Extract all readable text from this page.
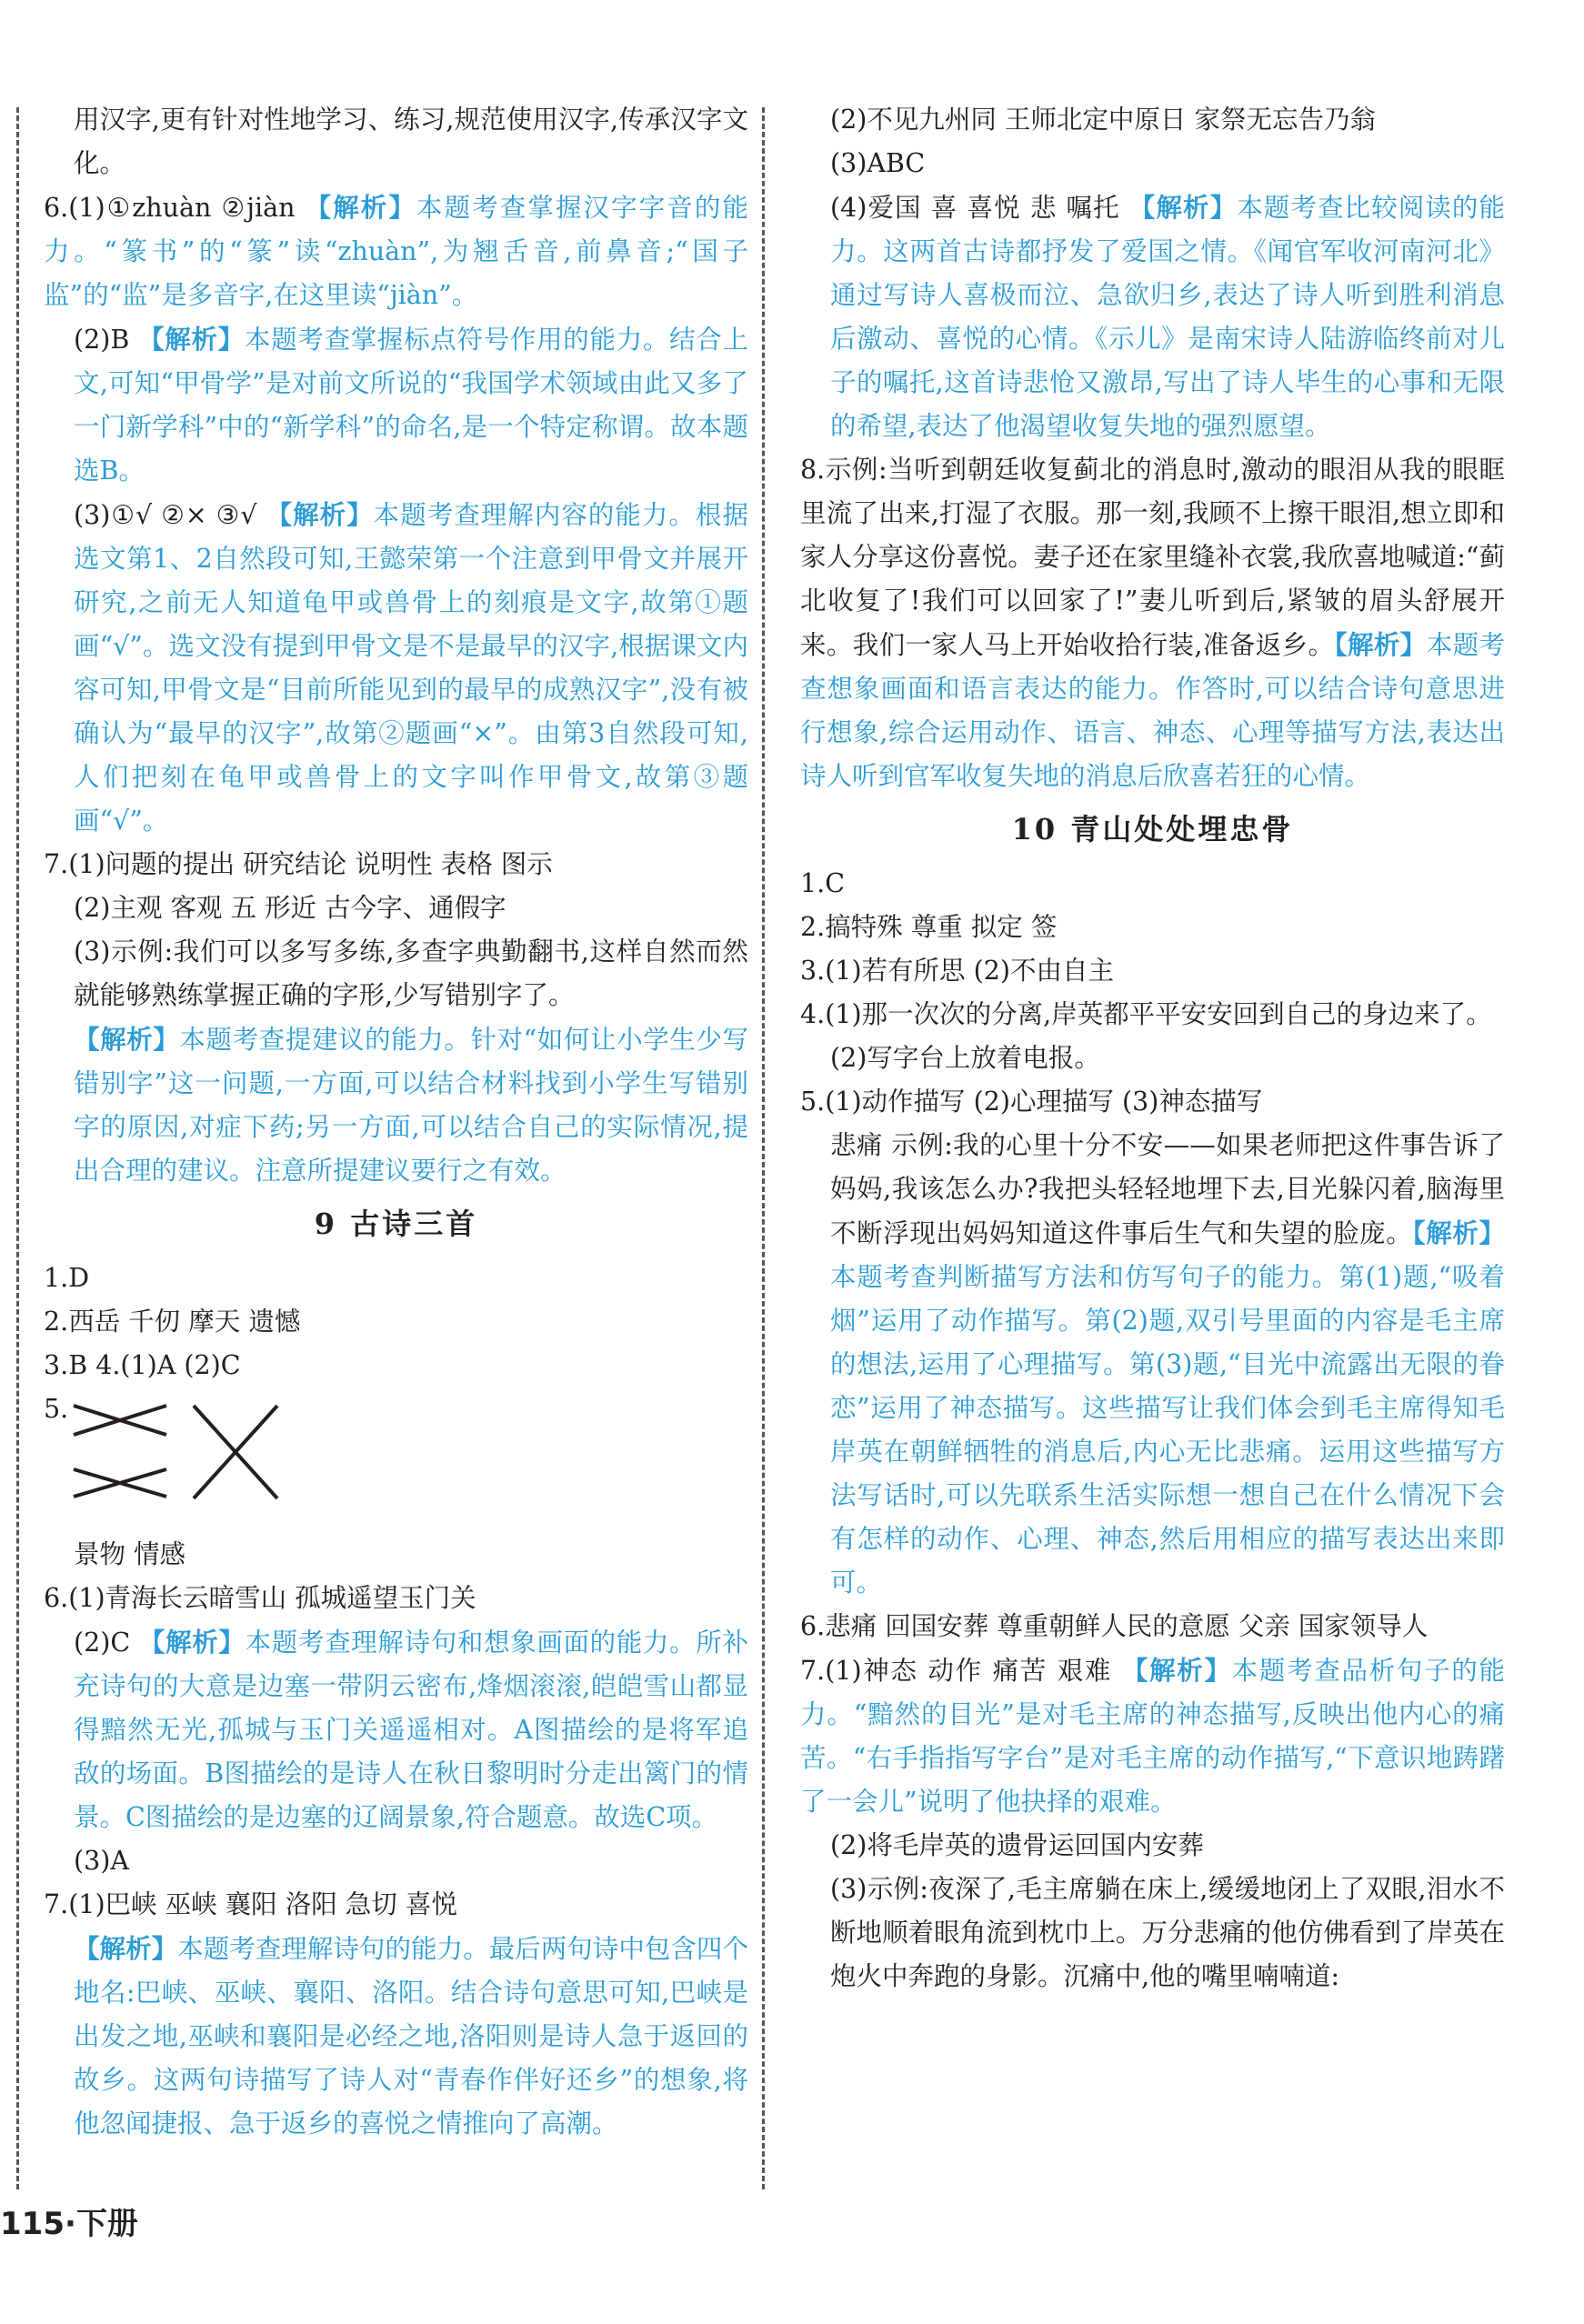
用汉字,更有针对性地学习、练习,规范使用汉字,传承汉字文化。

6.(1)①zhuàn ②jiàn 【解析】本题考查掌握汉字字音的能力。“篆书”的“篆”读“zhuàn”,为翘舌音,前鼻音;“国子监”的“监”是多音字,在这里读“jiàn”。

(2)B 【解析】本题考查掌握标点符号作用的能力。结合上文,可知“甲骨学”是对前文所说的“我国学术领域由此又多了一门新学科”中的“新学科”的命名,是一个特定称谓。故本题选B。

(3)①√ ②× ③√ 【解析】本题考查理解内容的能力。根据选文第1、2自然段可知,王懿荣第一个注意到甲骨文并展开研究,之前无人知道龟甲或兽骨上的刻痕是文字,故第①题画“√”。选文没有提到甲骨文是不是最早的汉字,根据课文内容可知,甲骨文是“目前所能见到的最早的成熟汉字”,没有被确认为“最早的汉字”,故第②题画“×”。由第3自然段可知,人们把刻在龟甲或兽骨上的文字叫作甲骨文,故第③题画“√”。

7.(1)问题的提出 研究结论 说明性 表格 图示

(2)主观 客观 五 形近 古今字、通假字

(3)示例:我们可以多写多练,多查字典勤翻书,这样自然而然就能够熟练掌握正确的字形,少写错别字了。

【解析】本题考查提建议的能力。针对“如何让小学生少写错别字”这一问题,一方面,可以结合材料找到小学生写错别字的原因,对症下药;另一方面,可以结合自己的实际情况,提出合理的建议。注意所提建议要行之有效。

9 古诗三首

1.D

2.西岳 千仞 摩天 遗憾

3.B 4.(1)A (2)C

5.

景物 情感

6.(1)青海长云暗雪山 孤城遥望玉门关

(2)C 【解析】本题考查理解诗句和想象画面的能力。所补充诗句的大意是边塞一带阴云密布,烽烟滚滚,皑皑雪山都显得黯然无光,孤城与玉门关遥遥相对。A图描绘的是将军追敌的场面。B图描绘的是诗人在秋日黎明时分走出篱门的情景。C图描绘的是边塞的辽阔景象,符合题意。故选C项。

(3)A

7.(1)巴峡 巫峡 襄阳 洛阳 急切 喜悦

【解析】本题考查理解诗句的能力。最后两句诗中包含四个地名:巴峡、巫峡、襄阳、洛阳。结合诗句意思可知,巴峡是出发之地,巫峡和襄阳是必经之地,洛阳则是诗人急于返回的故乡。这两句诗描写了诗人对“青春作伴好还乡”的想象,将他忽闻捷报、急于返乡的喜悦之情推向了高潮。

(2)不见九州同 王师北定中原日 家祭无忘告乃翁

(3)ABC

(4)爱国 喜 喜悦 悲 嘱托 【解析】本题考查比较阅读的能力。这两首古诗都抒发了爱国之情。《闻官军收河南河北》通过写诗人喜极而泣、急欲归乡,表达了诗人听到胜利消息后激动、喜悦的心情。《示儿》是南宋诗人陆游临终前对儿子的嘱托,这首诗悲怆又激昂,写出了诗人毕生的心事和无限的希望,表达了他渴望收复失地的强烈愿望。

8.示例:当听到朝廷收复蓟北的消息时,激动的眼泪从我的眼眶里流了出来,打湿了衣服。那一刻,我顾不上擦干眼泪,想立即和家人分享这份喜悦。妻子还在家里缝补衣裳,我欣喜地喊道:“蓟北收复了!我们可以回家了!”妻儿听到后,紧皱的眉头舒展开来。我们一家人马上开始收拾行装,准备返乡。【解析】本题考查想象画面和语言表达的能力。作答时,可以结合诗句意思进行想象,综合运用动作、语言、神态、心理等描写方法,表达出诗人听到官军收复失地的消息后欣喜若狂的心情。

10 青山处处埋忠骨

1.C

2.搞特殊 尊重 拟定 签

3.(1)若有所思 (2)不由自主

4.(1)那一次次的分离,岸英都平平安安回到自己的身边来了。

(2)写字台上放着电报。

5.(1)动作描写 (2)心理描写 (3)神态描写

悲痛 示例:我的心里十分不安——如果老师把这件事告诉了妈妈,我该怎么办?我把头轻轻地埋下去,目光躲闪着,脑海里不断浮现出妈妈知道这件事后生气和失望的脸庞。【解析】本题考查判断描写方法和仿写句子的能力。第(1)题,“吸着烟”运用了动作描写。第(2)题,双引号里面的内容是毛主席的想法,运用了心理描写。第(3)题,“目光中流露出无限的眷恋”运用了神态描写。这些描写让我们体会到毛主席得知毛岸英在朝鲜牺牲的消息后,内心无比悲痛。运用这些描写方法写话时,可以先联系生活实际想一想自己在什么情况下会有怎样的动作、心理、神态,然后用相应的描写表达出来即可。

6.悲痛 回国安葬 尊重朝鲜人民的意愿 父亲 国家领导人

7.(1)神态 动作 痛苦 艰难 【解析】本题考查品析句子的能力。“黯然的目光”是对毛主席的神态描写,反映出他内心的痛苦。“右手指指写字台”是对毛主席的动作描写,“下意识地踌躇了一会儿”说明了他抉择的艰难。

(2)将毛岸英的遗骨运回国内安葬

(3)示例:夜深了,毛主席躺在床上,缓缓地闭上了双眼,泪水不断地顺着眼角流到枕巾上。万分悲痛的他仿佛看到了岸英在炮火中奔跑的身影。沉痛中,他的嘴里喃喃道:

115·下册
